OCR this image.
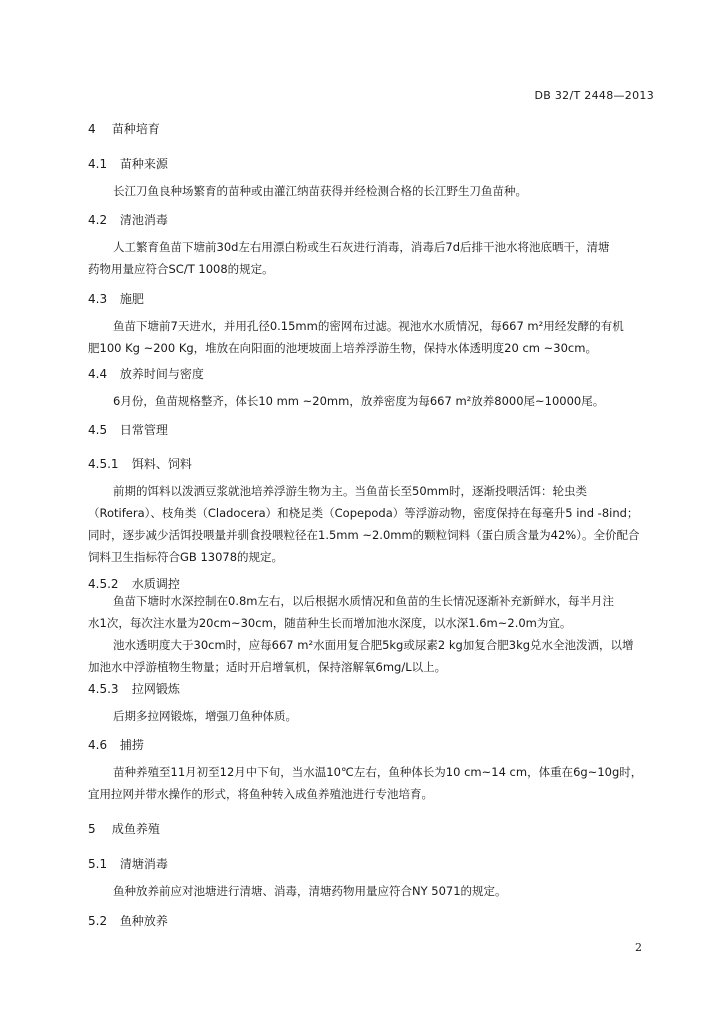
DB 32/T 2448—2013
4 苗种培育
4.1 苗种来源
长江刀鱼良种场繁育的苗种或由灌江纳苗获得并经检测合格的长江野生刀鱼苗种。
4.2 清池消毒
人工繁育鱼苗下塘前30d左右用漂白粉或生石灰进行消毒，消毒后7d后排干池水将池底晒干，清塘
药物用量应符合SC/T 1008的规定。
4.3 施肥
鱼苗下塘前7天进水，并用孔径0.15mm的密网布过滤。视池水水质情况，每667 m²用经发酵的有机
肥100 Kg ~200 Kg，堆放在向阳面的池埂坡面上培养浮游生物，保持水体透明度20 cm ~30cm。
4.4 放养时间与密度
6月份，鱼苗规格整齐，体长10 mm ~20mm，放养密度为每667 m²放养8000尾~10000尾。
4.5 日常管理
4.5.1 饵料、饲料
前期的饵料以泼洒豆浆就池培养浮游生物为主。当鱼苗长至50mm时，逐渐投喂活饵：轮虫类
（Rotifera）、枝角类（Cladocera）和桡足类（Copepoda）等浮游动物，密度保持在每毫升5 ind -8ind；
同时，逐步减少活饵投喂量并驯食投喂粒径在1.5mm ~2.0mm的颗粒饲料（蛋白质含量为42%）。全价配合
饲料卫生指标符合GB 13078的规定。
4.5.2 水质调控
鱼苗下塘时水深控制在0.8m左右，以后根据水质情况和鱼苗的生长情况逐渐补充新鲜水，每半月注
水1次，每次注水量为20cm~30cm，随苗种生长而增加池水深度，以水深1.6m~2.0m为宜。
池水透明度大于30cm时，应每667 m²水面用复合肥5kg或尿素2 kg加复合肥3kg兑水全池泼洒，以增
加池水中浮游植物生物量；适时开启增氧机，保持溶解氧6mg/L以上。
4.5.3 拉网锻炼
后期多拉网锻炼，增强刀鱼种体质。
4.6 捕捞
苗种养殖至11月初至12月中下旬，当水温10℃左右，鱼种体长为10 cm~14 cm，体重在6g~10g时，
宜用拉网并带水操作的形式，将鱼种转入成鱼养殖池进行专池培育。
5 成鱼养殖
5.1 清塘消毒
鱼种放养前应对池塘进行清塘、消毒，清塘药物用量应符合NY 5071的规定。
5.2 鱼种放养
2
